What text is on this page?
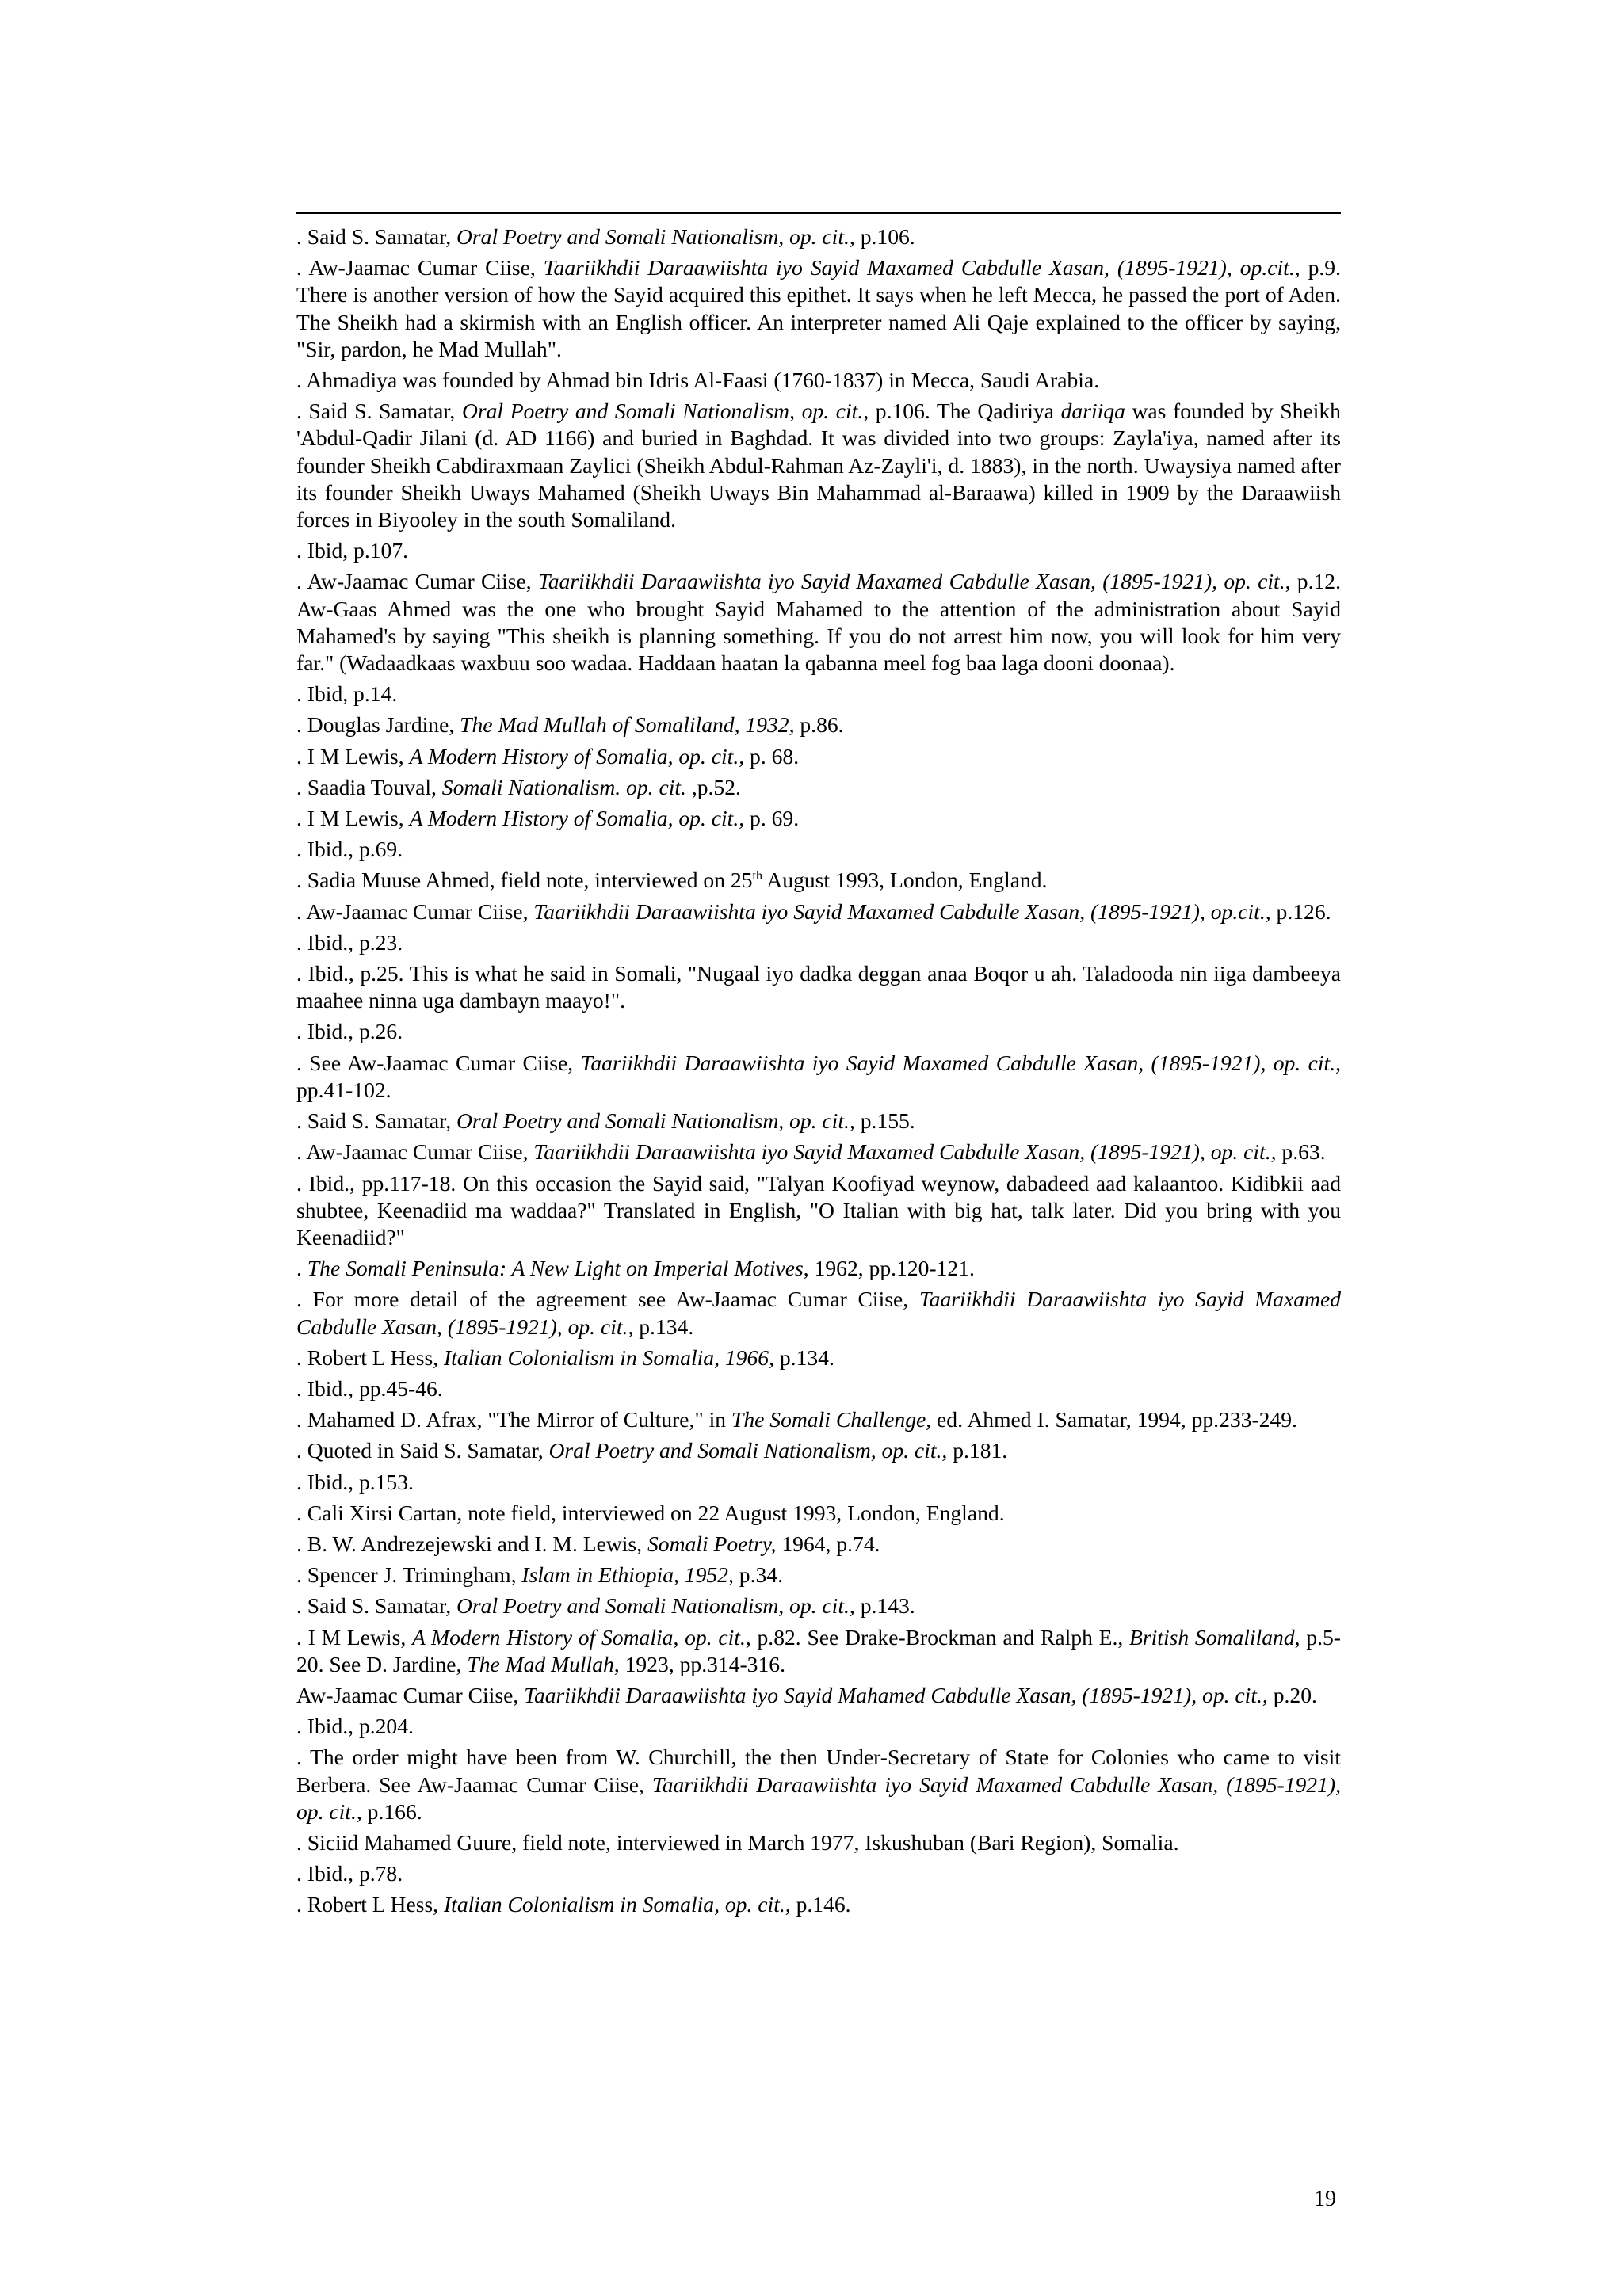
. Said S. Samatar, Oral Poetry and Somali Nationalism, op. cit., p.106.
. Aw-Jaamac Cumar Ciise, Taariikhdii Daraawiishta iyo Sayid Maxamed Cabdulle Xasan, (1895-1921), op.cit., p.9. There is another version of how the Sayid acquired this epithet. It says when he left Mecca, he passed the port of Aden. The Sheikh had a skirmish with an English officer. An interpreter named Ali Qaje explained to the officer by saying, "Sir, pardon, he Mad Mullah".
. Ahmadiya was founded by Ahmad bin Idris Al-Faasi (1760-1837) in Mecca, Saudi Arabia.
. Said S. Samatar, Oral Poetry and Somali Nationalism, op. cit., p.106. The Qadiriya dariiqa was founded by Sheikh 'Abdul-Qadir Jilani (d. AD 1166) and buried in Baghdad. It was divided into two groups: Zayla'iya, named after its founder Sheikh Cabdiraxmaan Zaylici (Sheikh Abdul-Rahman Az-Zayli'i, d. 1883), in the north. Uwaysiya named after its founder Sheikh Uways Mahamed (Sheikh Uways Bin Mahammad al-Baraawa) killed in 1909 by the Daraawiish forces in Biyooley in the south Somaliland.
. Ibid, p.107.
. Aw-Jaamac Cumar Ciise, Taariikhdii Daraawiishta iyo Sayid Maxamed Cabdulle Xasan, (1895-1921), op. cit., p.12. Aw-Gaas Ahmed was the one who brought Sayid Mahamed to the attention of the administration about Sayid Mahamed's by saying "This sheikh is planning something. If you do not arrest him now, you will look for him very far." (Wadaadkaas waxbuu soo wadaa. Haddaan haatan la qabanna meel fog baa laga dooni doonaa).
. Ibid, p.14.
. Douglas Jardine, The Mad Mullah of Somaliland, 1932, p.86.
. I M Lewis, A Modern History of Somalia, op. cit., p. 68.
. Saadia Touval, Somali Nationalism. op. cit. ,p.52.
. I M Lewis, A Modern History of Somalia, op. cit., p. 69.
. Ibid., p.69.
. Sadia Muuse Ahmed, field note, interviewed on 25th August 1993, London, England.
. Aw-Jaamac Cumar Ciise, Taariikhdii Daraawiishta iyo Sayid Maxamed Cabdulle Xasan, (1895-1921), op.cit., p.126.
. Ibid., p.23.
. Ibid., p.25. This is what he said in Somali, "Nugaal iyo dadka deggan anaa Boqor u ah. Taladooda nin iiga dambeeya maahee ninna uga dambayn maayo!".
. Ibid., p.26.
. See Aw-Jaamac Cumar Ciise, Taariikhdii Daraawiishta iyo Sayid Maxamed Cabdulle Xasan, (1895-1921), op. cit., pp.41-102.
. Said S. Samatar, Oral Poetry and Somali Nationalism, op. cit., p.155.
. Aw-Jaamac Cumar Ciise, Taariikhdii Daraawiishta iyo Sayid Maxamed Cabdulle Xasan, (1895-1921), op. cit., p.63.
. Ibid., pp.117-18. On this occasion the Sayid said, "Talyan Koofiyad weynow, dabadeed aad kalaantoo. Kidibkii aad shubtee, Keenadiid ma waddaa?" Translated in English, "O Italian with big hat, talk later. Did you bring with you Keenadiid?"
. The Somali Peninsula: A New Light on Imperial Motives, 1962, pp.120-121.
. For more detail of the agreement see Aw-Jaamac Cumar Ciise, Taariikhdii Daraawiishta iyo Sayid Maxamed Cabdulle Xasan, (1895-1921), op. cit., p.134.
. Robert L Hess, Italian Colonialism in Somalia, 1966, p.134.
. Ibid., pp.45-46.
. Mahamed D. Afrax, "The Mirror of Culture," in The Somali Challenge, ed. Ahmed I. Samatar, 1994, pp.233-249.
. Quoted in Said S. Samatar, Oral Poetry and Somali Nationalism, op. cit., p.181.
. Ibid., p.153.
. Cali Xirsi Cartan, note field, interviewed on 22 August 1993, London, England.
. B. W. Andrezejewski and I. M. Lewis, Somali Poetry, 1964, p.74.
. Spencer J. Trimingham, Islam in Ethiopia, 1952, p.34.
. Said S. Samatar, Oral Poetry and Somali Nationalism, op. cit., p.143.
. I M Lewis, A Modern History of Somalia, op. cit., p.82. See Drake-Brockman and Ralph E., British Somaliland, p.5-20. See D. Jardine, The Mad Mullah, 1923, pp.314-316.
Aw-Jaamac Cumar Ciise, Taariikhdii Daraawiishta iyo Sayid Mahamed Cabdulle Xasan, (1895-1921), op. cit., p.20.
. Ibid., p.204.
. The order might have been from W. Churchill, the then Under-Secretary of State for Colonies who came to visit Berbera. See Aw-Jaamac Cumar Ciise, Taariikhdii Daraawiishta iyo Sayid Maxamed Cabdulle Xasan, (1895-1921), op. cit., p.166.
. Siciid Mahamed Guure, field note, interviewed in March 1977, Iskushuban (Bari Region), Somalia.
. Ibid., p.78.
. Robert L Hess, Italian Colonialism in Somalia, op. cit., p.146.
19
